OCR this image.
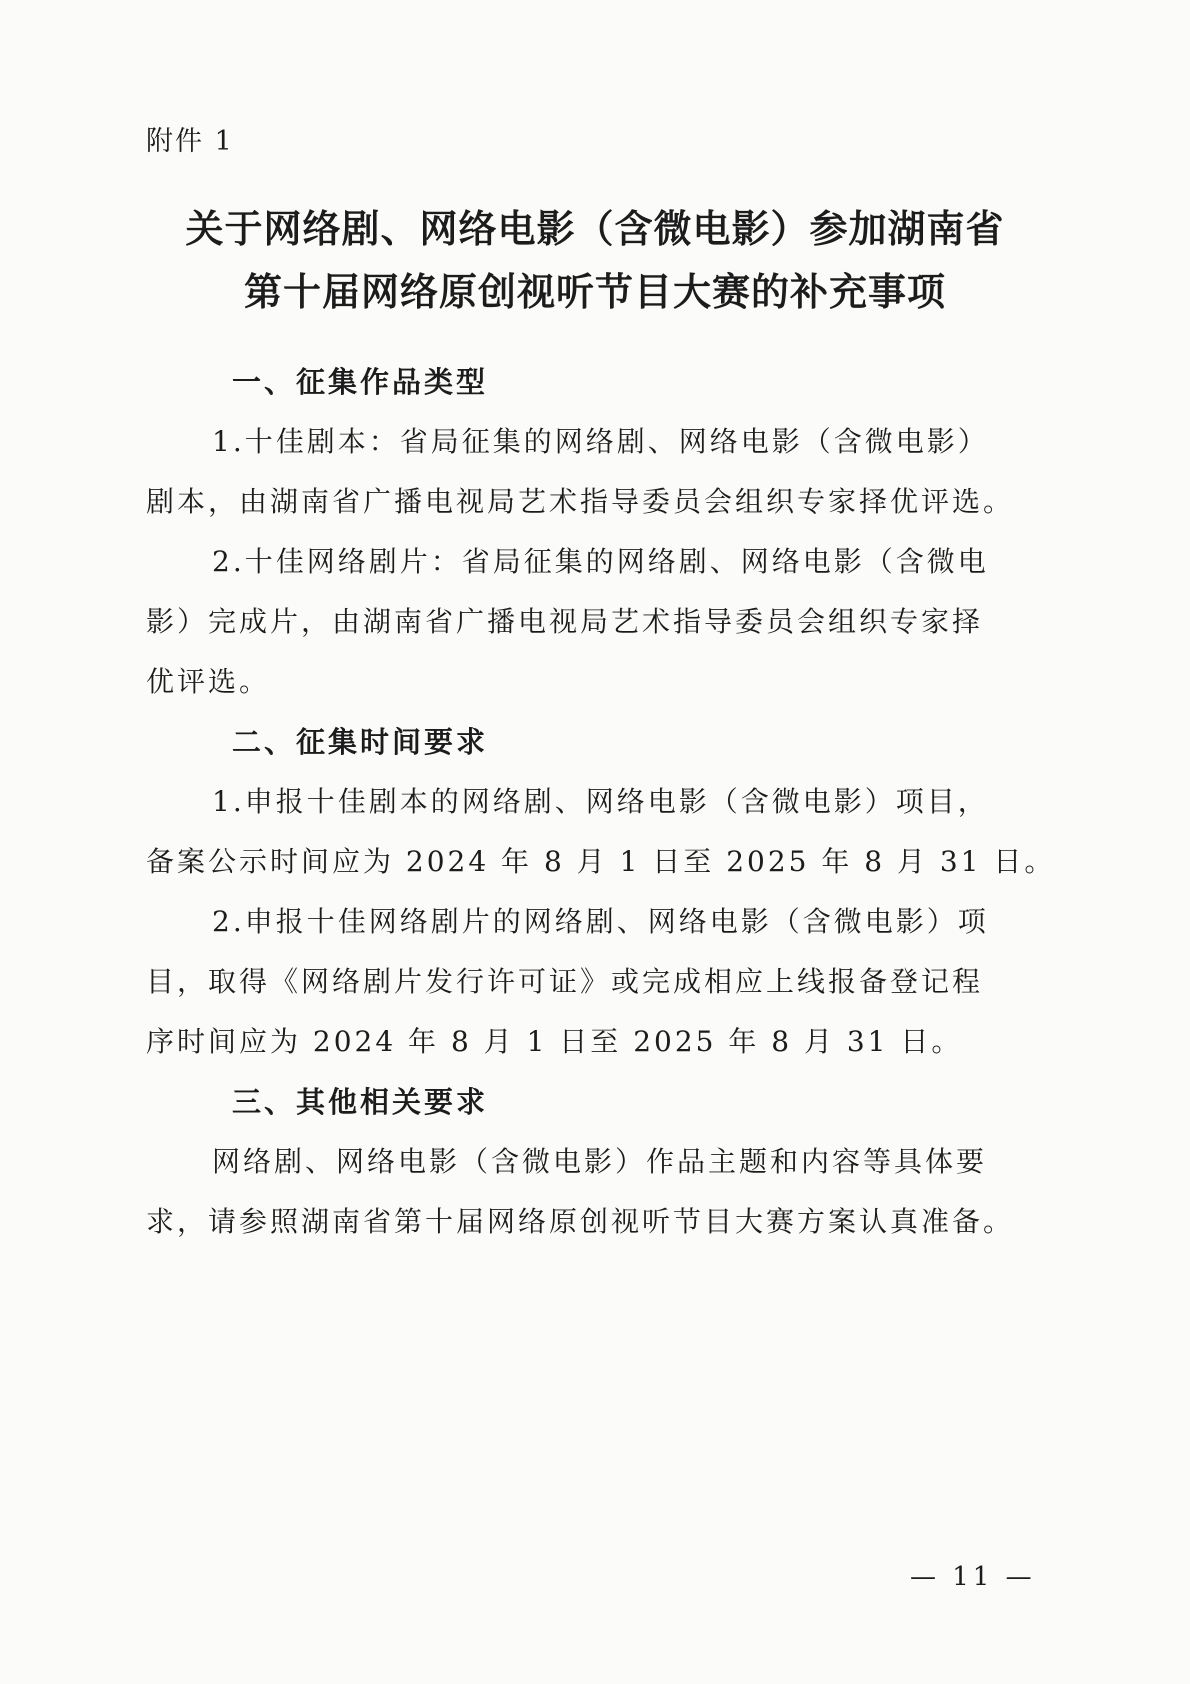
附件 1
关于网络剧、网络电影（含微电影）参加湖南省
第十届网络原创视听节目大赛的补充事项
一、征集作品类型
1.十佳剧本：省局征集的网络剧、网络电影（含微电影）
剧本，由湖南省广播电视局艺术指导委员会组织专家择优评选。
2.十佳网络剧片：省局征集的网络剧、网络电影（含微电
影）完成片，由湖南省广播电视局艺术指导委员会组织专家择
优评选。
二、征集时间要求
1.申报十佳剧本的网络剧、网络电影（含微电影）项目，
备案公示时间应为 2024 年 8 月 1 日至 2025 年 8 月 31 日。
2.申报十佳网络剧片的网络剧、网络电影（含微电影）项
目，取得《网络剧片发行许可证》或完成相应上线报备登记程
序时间应为 2024 年 8 月 1 日至 2025 年 8 月 31 日。
三、其他相关要求
网络剧、网络电影（含微电影）作品主题和内容等具体要
求，请参照湖南省第十届网络原创视听节目大赛方案认真准备。
— 11 —
